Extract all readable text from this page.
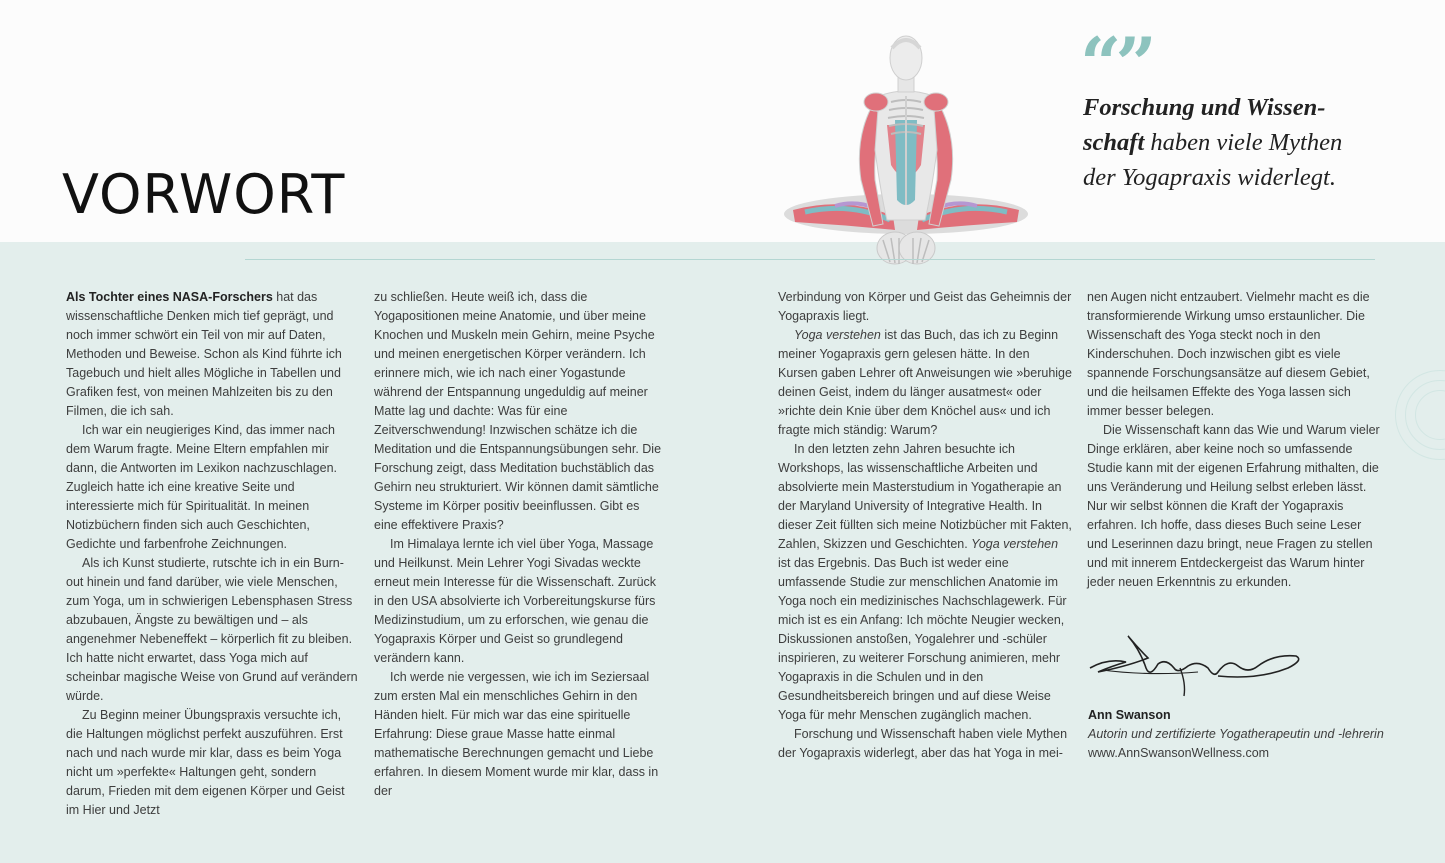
VORWORT
“”
Forschung und Wissen-
schaft haben viele Mythen
der Yogapraxis widerlegt.

Als Tochter eines NASA-Forschers hat das wissenschaftliche Denken mich tief geprägt, und noch immer schwört ein Teil von mir auf Daten, Methoden und Beweise. Schon als Kind führte ich Tagebuch und hielt alles Mögliche in Tabellen und Grafiken fest, von meinen Mahlzeiten bis zu den Filmen, die ich sah.

Ich war ein neugieriges Kind, das immer nach dem Warum fragte. Meine Eltern empfahlen mir dann, die Antworten im Lexikon nachzuschlagen. Zugleich hatte ich eine kreative Seite und interessierte mich für Spiritualität. In meinen Notizbüchern finden sich auch Geschichten, Gedichte und farbenfrohe Zeichnungen.

Als ich Kunst studierte, rutschte ich in ein Burn-out hinein und fand darüber, wie viele Menschen, zum Yoga, um in schwierigen Lebensphasen Stress abzubauen, Ängste zu bewältigen und – als angenehmer Nebeneffekt – körperlich fit zu bleiben. Ich hatte nicht erwartet, dass Yoga mich auf scheinbar magische Weise von Grund auf verändern würde.

Zu Beginn meiner Übungspraxis versuchte ich, die Haltungen möglichst perfekt auszuführen. Erst nach und nach wurde mir klar, dass es beim Yoga nicht um »perfekte« Haltungen geht, sondern darum, Frieden mit dem eigenen Körper und Geist im Hier und Jetzt

zu schließen. Heute weiß ich, dass die Yogapositionen meine Anatomie, und über meine Knochen und Muskeln mein Gehirn, meine Psyche und meinen energetischen Körper verändern. Ich erinnere mich, wie ich nach einer Yogastunde während der Entspannung ungeduldig auf meiner Matte lag und dachte: Was für eine Zeitverschwendung! Inzwischen schätze ich die Meditation und die Entspannungsübungen sehr. Die Forschung zeigt, dass Meditation buchstäblich das Gehirn neu strukturiert. Wir können damit sämtliche Systeme im Körper positiv beeinflussen. Gibt es eine effektivere Praxis?

Im Himalaya lernte ich viel über Yoga, Massage und Heilkunst. Mein Lehrer Yogi Sivadas weckte erneut mein Interesse für die Wissenschaft. Zurück in den USA absolvierte ich Vorbereitungskurse fürs Medizinstudium, um zu erforschen, wie genau die Yogapraxis Körper und Geist so grundlegend verändern kann.

Ich werde nie vergessen, wie ich im Seziersaal zum ersten Mal ein menschliches Gehirn in den Händen hielt. Für mich war das eine spirituelle Erfahrung: Diese graue Masse hatte einmal mathematische Berechnungen gemacht und Liebe erfahren. In diesem Moment wurde mir klar, dass in der

Verbindung von Körper und Geist das Geheimnis der Yogapraxis liegt.

Yoga verstehen ist das Buch, das ich zu Beginn meiner Yogapraxis gern gelesen hätte. In den Kursen gaben Lehrer oft Anweisungen wie »beruhige deinen Geist, indem du länger ausatmest« oder »richte dein Knie über dem Knöchel aus« und ich fragte mich ständig: Warum?

In den letzten zehn Jahren besuchte ich Workshops, las wissenschaftliche Arbeiten und absolvierte mein Masterstudium in Yogatherapie an der Maryland University of Integrative Health. In dieser Zeit füllten sich meine Notizbücher mit Fakten, Zahlen, Skizzen und Geschichten. Yoga verstehen ist das Ergebnis. Das Buch ist weder eine umfassende Studie zur menschlichen Anatomie im Yoga noch ein medizinisches Nachschlagewerk. Für mich ist es ein Anfang: Ich möchte Neugier wecken, Diskussionen anstoßen, Yogalehrer und -schüler inspirieren, zu weiterer Forschung animieren, mehr Yogapraxis in die Schulen und in den Gesundheitsbereich bringen und auf diese Weise Yoga für mehr Menschen zugänglich machen.

Forschung und Wissenschaft haben viele Mythen der Yogapraxis widerlegt, aber das hat Yoga in mei-

nen Augen nicht entzaubert. Vielmehr macht es die transformierende Wirkung umso erstaunlicher. Die Wissenschaft des Yoga steckt noch in den Kinderschuhen. Doch inzwischen gibt es viele spannende Forschungsansätze auf diesem Gebiet, und die heilsamen Effekte des Yoga lassen sich immer besser belegen.

Die Wissenschaft kann das Wie und Warum vieler Dinge erklären, aber keine noch so umfassende Studie kann mit der eigenen Erfahrung mithalten, die uns Veränderung und Heilung selbst erleben lässt. Nur wir selbst können die Kraft der Yogapraxis erfahren. Ich hoffe, dass dieses Buch seine Leser und Leserinnen dazu bringt, neue Fragen zu stellen und mit innerem Entdeckergeist das Warum hinter jeder neuen Erkenntnis zu erkunden.

Ann Swanson
Autorin und zertifizierte Yogatherapeutin und -lehrerin
www.AnnSwansonWellness.com
